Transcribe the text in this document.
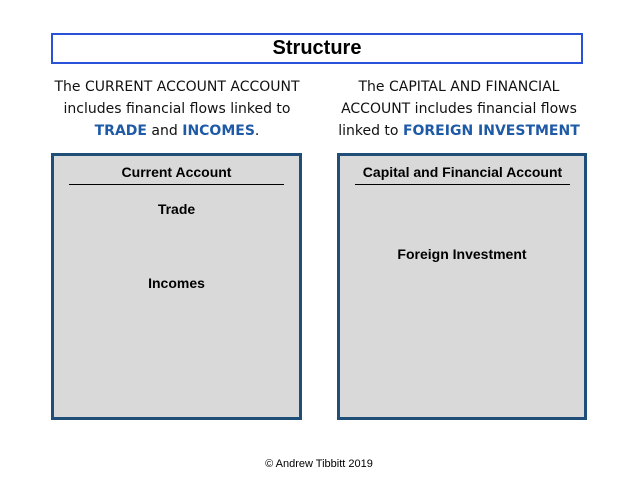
Structure
The CURRENT ACCOUNT ACCOUNT
includes financial flows linked to
TRADE and INCOMES.
The CAPITAL AND FINANCIAL
ACCOUNT includes financial flows
linked to FOREIGN INVESTMENT
Current Account
Trade
Incomes
Capital and Financial Account
Foreign Investment
© Andrew Tibbitt 2019
